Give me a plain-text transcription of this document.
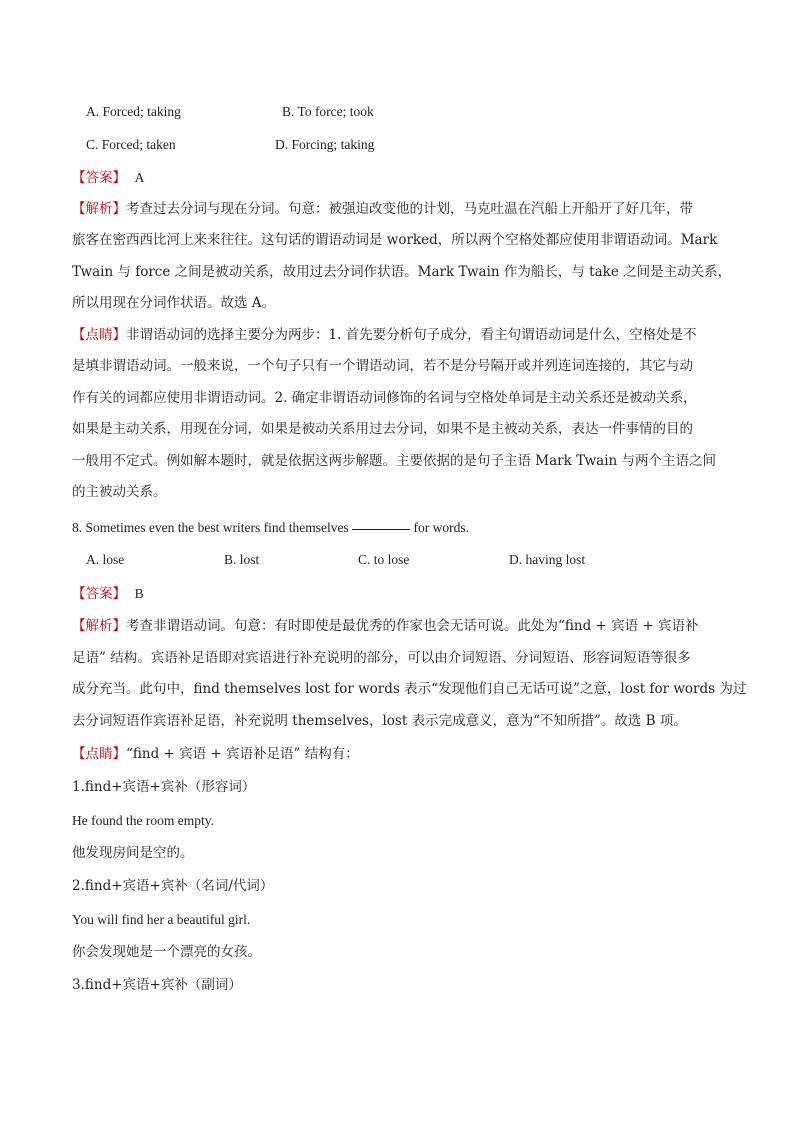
A. Forced; taking	B. To force; took
C. Forced; taken	D. Forcing; taking
【答案】 A
【解析】考查过去分词与现在分词。句意：被强迫改变他的计划，马克吐温在汽船上开船开了好几年，带
旅客在密西西比河上来来往往。这句话的谓语动词是 worked，所以两个空格处都应使用非谓语动词。Mark
Twain 与 force 之间是被动关系，故用过去分词作状语。Mark Twain 作为船长，与 take 之间是主动关系，
所以用现在分词作状语。故选 A。
【点睛】非谓语动词的选择主要分为两步：1. 首先要分析句子成分，看主句谓语动词是什么，空格处是不
是填非谓语动词。一般来说，一个句子只有一个谓语动词，若不是分号隔开或并列连词连接的，其它与动
作有关的词都应使用非谓语动词。2. 确定非谓语动词修饰的名词与空格处单词是主动关系还是被动关系，
如果是主动关系，用现在分词，如果是被动关系用过去分词，如果不是主被动关系，表达一件事情的目的
一般用不定式。例如解本题时，就是依据这两步解题。主要依据的是句子主语 Mark Twain 与两个主语之间
的主被动关系。
8. Sometimes even the best writers find themselves	for words.
A. lose	B. lost	C. to lose	D. having lost
【答案】 B
【解析】考查非谓语动词。句意：有时即使是最优秀的作家也会无话可说。此处为“find + 宾语 + 宾语补
足语” 结构。宾语补足语即对宾语进行补充说明的部分，可以由介词短语、分词短语、形容词短语等很多
成分充当。此句中，find themselves lost for words 表示“发现他们自己无话可说”之意，lost for words 为过
去分词短语作宾语补足语，补充说明 themselves，lost 表示完成意义，意为“不知所措”。故选 B 项。
【点睛】“find + 宾语 + 宾语补足语” 结构有：
1.find+宾语+宾补（形容词）
He found the room empty.
他发现房间是空的。
2.find+宾语+宾补（名词/代词）
You will find her a beautiful girl.
你会发现她是一个漂亮的女孩。
3.find+宾语+宾补（副词）
